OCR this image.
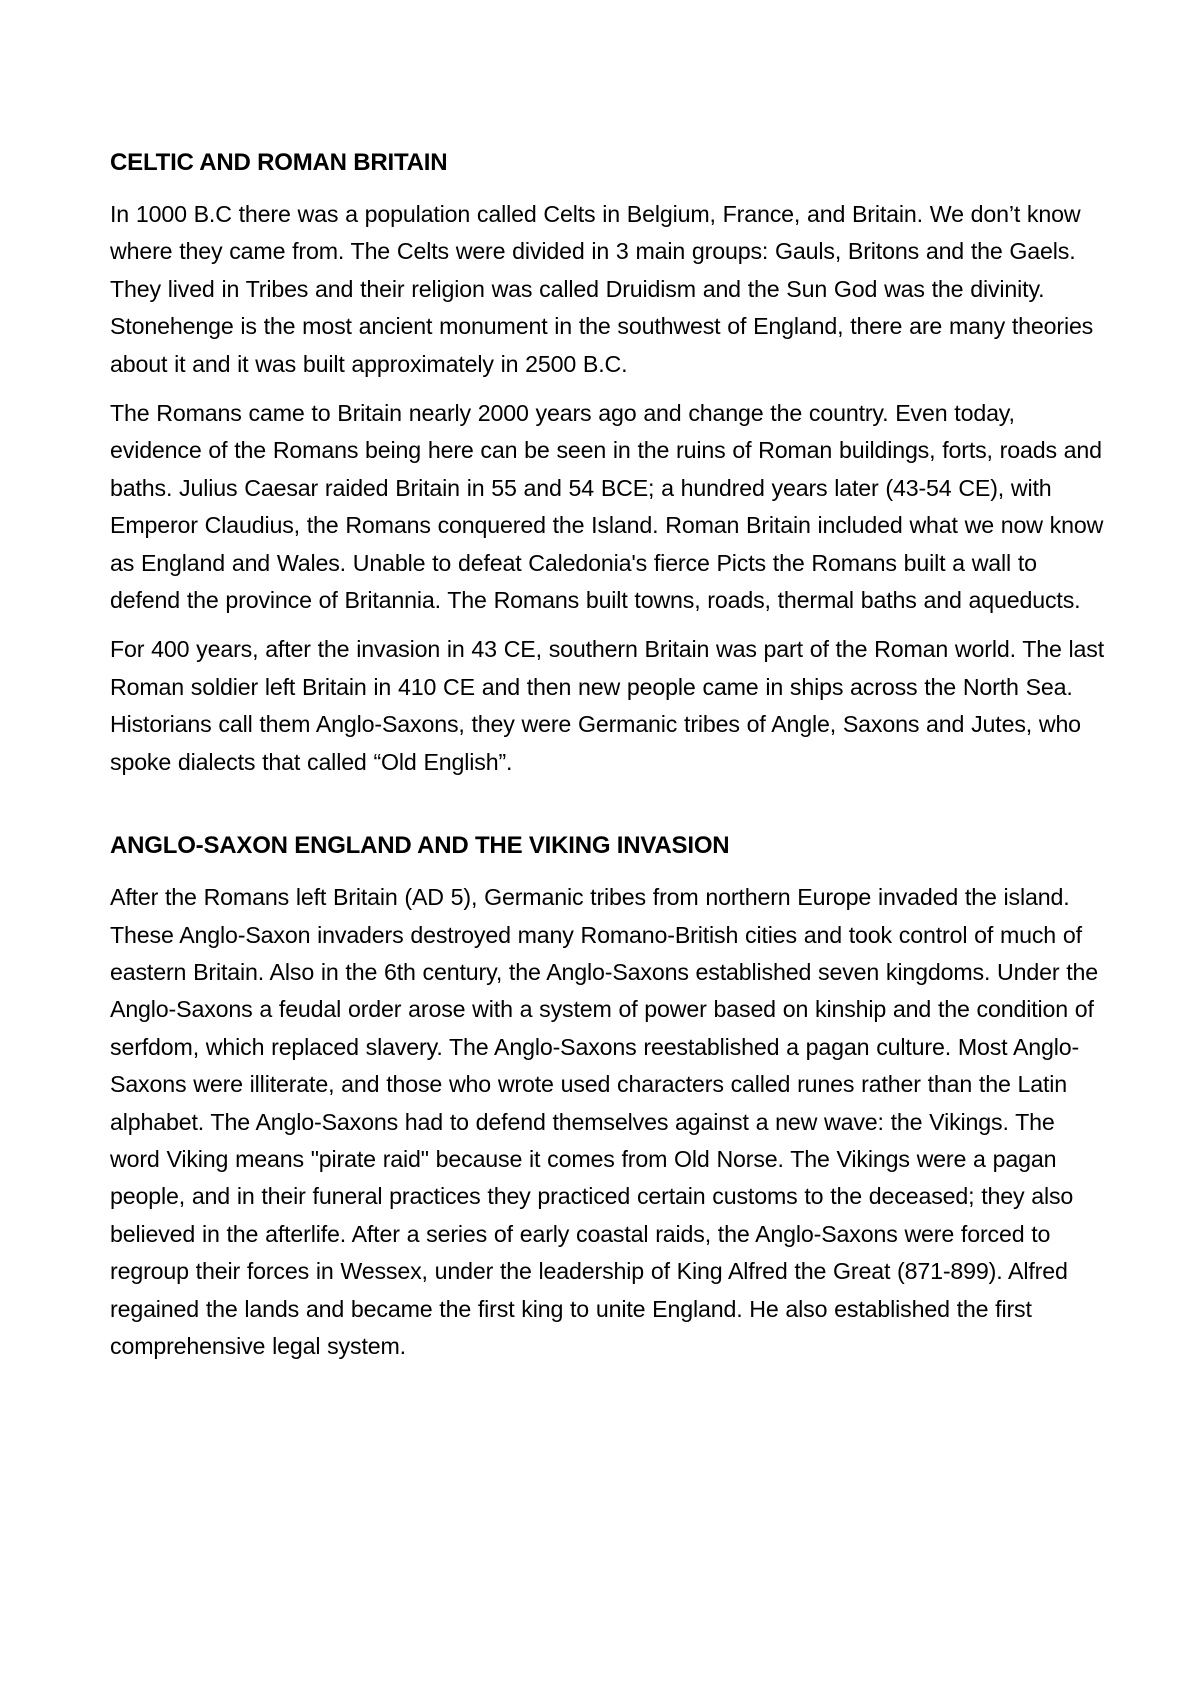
CELTIC AND ROMAN BRITAIN

In 1000 B.C there was a population called Celts in Belgium, France, and Britain. We don’t know where they came from. The Celts were divided in 3 main groups: Gauls, Britons and the Gaels. They lived in Tribes and their religion was called Druidism and the Sun God was the divinity. Stonehenge is the most ancient monument in the southwest of England, there are many theories about it and it was built approximately in 2500 B.C.

The Romans came to Britain nearly 2000 years ago and change the country. Even today, evidence of the Romans being here can be seen in the ruins of Roman buildings, forts, roads and baths. Julius Caesar raided Britain in 55 and 54 BCE; a hundred years later (43-54 CE), with Emperor Claudius, the Romans conquered the Island. Roman Britain included what we now know as England and Wales. Unable to defeat Caledonia's fierce Picts the Romans built a wall to defend the province of Britannia. The Romans built towns, roads, thermal baths and aqueducts.

For 400 years, after the invasion in 43 CE, southern Britain was part of the Roman world. The last Roman soldier left Britain in 410 CE and then new people came in ships across the North Sea. Historians call them Anglo-Saxons, they were Germanic tribes of Angle, Saxons and Jutes, who spoke dialects that called “Old English”.

ANGLO-SAXON ENGLAND AND THE VIKING INVASION

After the Romans left Britain (AD 5), Germanic tribes from northern Europe invaded the island. These Anglo-Saxon invaders destroyed many Romano-British cities and took control of much of eastern Britain. Also in the 6th century, the Anglo-Saxons established seven kingdoms. Under the Anglo-Saxons a feudal order arose with a system of power based on kinship and the condition of serfdom, which replaced slavery. The Anglo-Saxons reestablished a pagan culture. Most Anglo-Saxons were illiterate, and those who wrote used characters called runes rather than the Latin alphabet. The Anglo-Saxons had to defend themselves against a new wave: the Vikings. The word Viking means "pirate raid" because it comes from Old Norse. The Vikings were a pagan people, and in their funeral practices they practiced certain customs to the deceased; they also believed in the afterlife. After a series of early coastal raids, the Anglo-Saxons were forced to regroup their forces in Wessex, under the leadership of King Alfred the Great (871-899). Alfred regained the lands and became the first king to unite England. He also established the first comprehensive legal system.
